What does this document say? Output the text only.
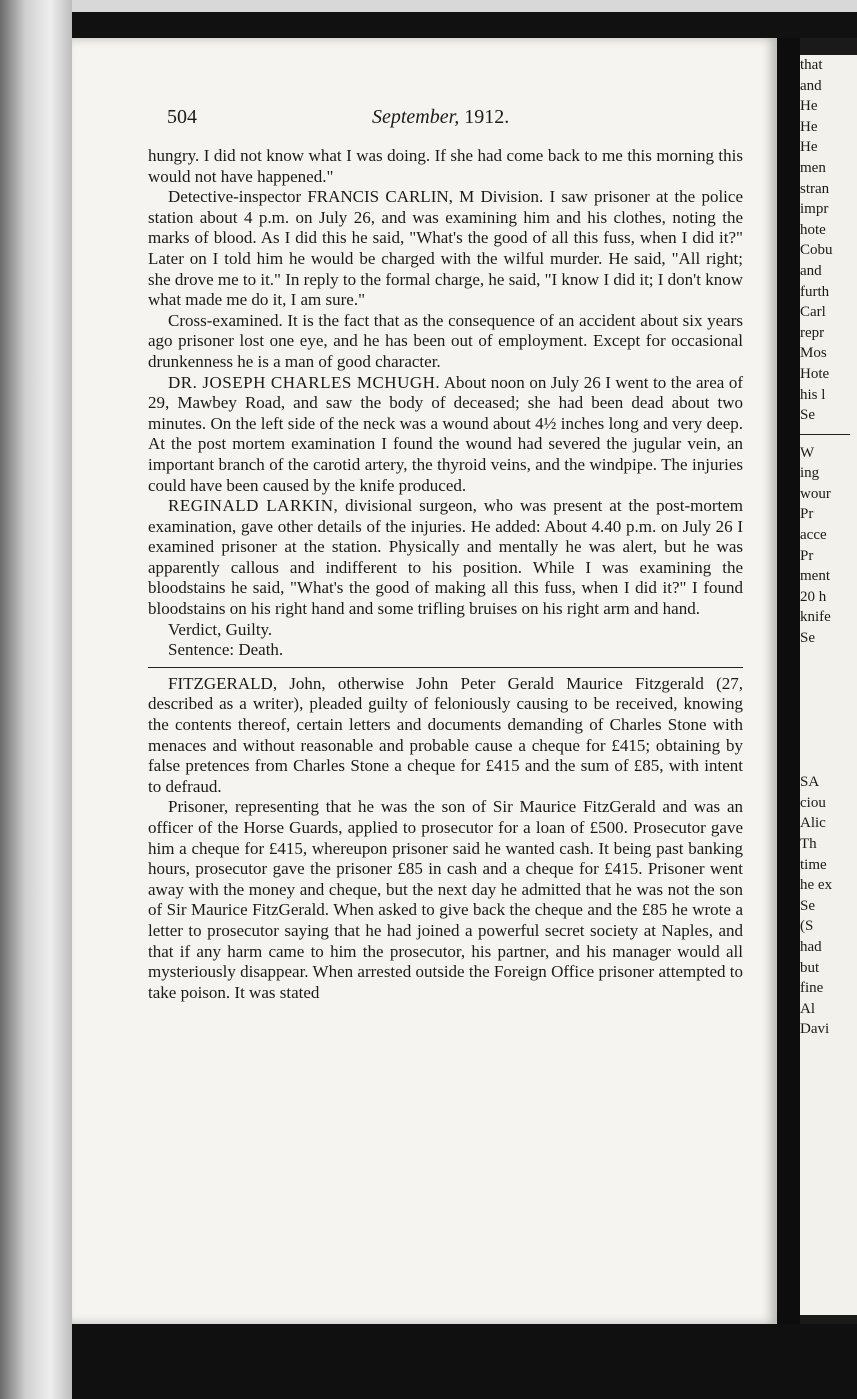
504	September, 1912.

hungry. I did not know what I was doing. If she had come back to me this morning this would not have happened."

Detective-inspector FRANCIS CARLIN, M Division. I saw prisoner at the police station about 4 p.m. on July 26, and was examining him and his clothes, noting the marks of blood. As I did this he said, "What's the good of all this fuss, when I did it?" Later on I told him he would be charged with the wilful murder. He said, "All right; she drove me to it." In reply to the formal charge, he said, "I know I did it; I don't know what made me do it, I am sure."

Cross-examined. It is the fact that as the consequence of an accident about six years ago prisoner lost one eye, and he has been out of employment. Except for occasional drunkenness he is a man of good character.

DR. JOSEPH CHARLES MCHUGH. About noon on July 26 I went to the area of 29, Mawbey Road, and saw the body of deceased; she had been dead about two minutes. On the left side of the neck was a wound about 4½ inches long and very deep. At the post mortem examination I found the wound had severed the jugular vein, an important branch of the carotid artery, the thyroid veins, and the windpipe. The injuries could have been caused by the knife produced.

REGINALD LARKIN, divisional surgeon, who was present at the post-mortem examination, gave other details of the injuries. He added: About 4.40 p.m. on July 26 I examined prisoner at the station. Physically and mentally he was alert, but he was apparently callous and indifferent to his position. While I was examining the bloodstains he said, "What's the good of making all this fuss, when I did it?" I found bloodstains on his right hand and some trifling bruises on his right arm and hand.

Verdict, Guilty.

Sentence: Death.

FITZGERALD, John, otherwise John Peter Gerald Maurice Fitzgerald (27, described as a writer), pleaded guilty of feloniously causing to be received, knowing the contents thereof, certain letters and documents demanding of Charles Stone with menaces and without reasonable and probable cause a cheque for £415; obtaining by false pretences from Charles Stone a cheque for £415 and the sum of £85, with intent to defraud.

Prisoner, representing that he was the son of Sir Maurice FitzGerald and was an officer of the Horse Guards, applied to prosecutor for a loan of £500. Prosecutor gave him a cheque for £415, whereupon prisoner said he wanted cash. It being past banking hours, prosecutor gave the prisoner £85 in cash and a cheque for £415. Prisoner went away with the money and cheque, but the next day he admitted that he was not the son of Sir Maurice FitzGerald. When asked to give back the cheque and the £85 he wrote a letter to prosecutor saying that he had joined a powerful secret society at Naples, and that if any harm came to him the prosecutor, his partner, and his manager would all mysteriously disappear. When arrested outside the Foreign Office prisoner attempted to take poison. It was stated

that
and
He
He
He
men
stran
impr
hote
Cobu
and
furth
Carl
repr
Mos
Hote
his l
Se
W
ing
wour
Pr
acce
Pr
ment
20 h
knife
Se
SA
ciou
Alic
Th
time
he ex
Se
(S
had
but
fine
Al
Davi
